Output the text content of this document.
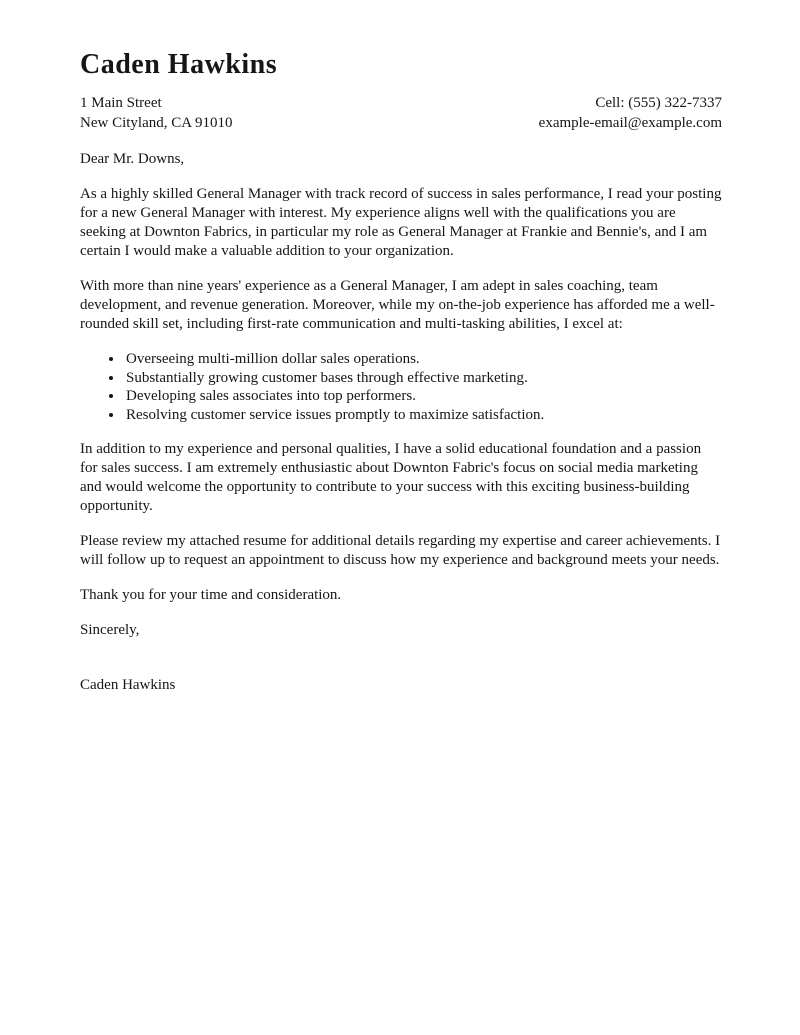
Caden Hawkins
1 Main Street
New Cityland, CA 91010
Cell: (555) 322-7337
example-email@example.com

Dear Mr. Downs,

As a highly skilled General Manager with track record of success in sales performance, I read your posting for a new General Manager with interest. My experience aligns well with the qualifications you are seeking at Downton Fabrics, in particular my role as General Manager at Frankie and Bennie's, and I am certain I would make a valuable addition to your organization.

With more than nine years' experience as a General Manager, I am adept in sales coaching, team development, and revenue generation. Moreover, while my on-the-job experience has afforded me a well-rounded skill set, including first-rate communication and multi-tasking abilities, I excel at:

• Overseeing multi-million dollar sales operations.
• Substantially growing customer bases through effective marketing.
• Developing sales associates into top performers.
• Resolving customer service issues promptly to maximize satisfaction.

In addition to my experience and personal qualities, I have a solid educational foundation and a passion for sales success. I am extremely enthusiastic about Downton Fabric's focus on social media marketing and would welcome the opportunity to contribute to your success with this exciting business-building opportunity.

Please review my attached resume for additional details regarding my expertise and career achievements. I will follow up to request an appointment to discuss how my experience and background meets your needs.

Thank you for your time and consideration.

Sincerely,

Caden Hawkins
